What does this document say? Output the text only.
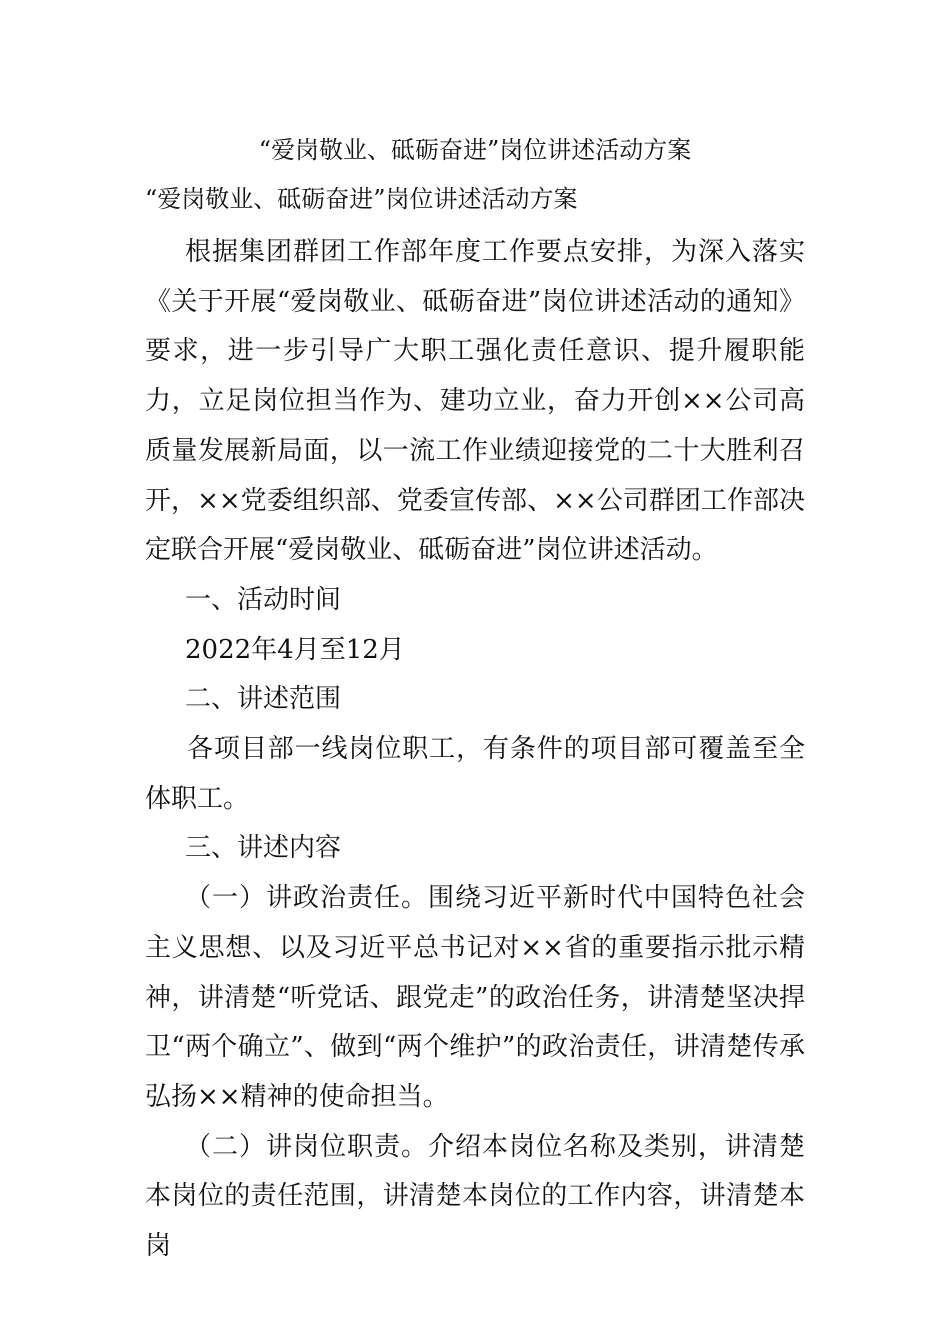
“爱岗敬业、砥砺奋进”岗位讲述活动方案
“爱岗敬业、砥砺奋进”岗位讲述活动方案

根据集团群团工作部年度工作要点安排，为深入落实《关于开展“爱岗敬业、砥砺奋进”岗位讲述活动的通知》要求，进一步引导广大职工强化责任意识、提升履职能力，立足岗位担当作为、建功立业，奋力开创××公司高质量发展新局面，以一流工作业绩迎接党的二十大胜利召开，××党委组织部、党委宣传部、××公司群团工作部决定联合开展“爱岗敬业、砥砺奋进”岗位讲述活动。

一、活动时间

2022年4月至12月

二、讲述范围

各项目部一线岗位职工，有条件的项目部可覆盖至全体职工。

三、讲述内容

（一）讲政治责任。围绕习近平新时代中国特色社会主义思想、以及习近平总书记对××省的重要指示批示精神，讲清楚“听党话、跟党走”的政治任务，讲清楚坚决捍卫“两个确立”、做到“两个维护”的政治责任，讲清楚传承弘扬××精神的使命担当。

（二）讲岗位职责。介绍本岗位名称及类别，讲清楚本岗位的责任范围，讲清楚本岗位的工作内容，讲清楚本岗
